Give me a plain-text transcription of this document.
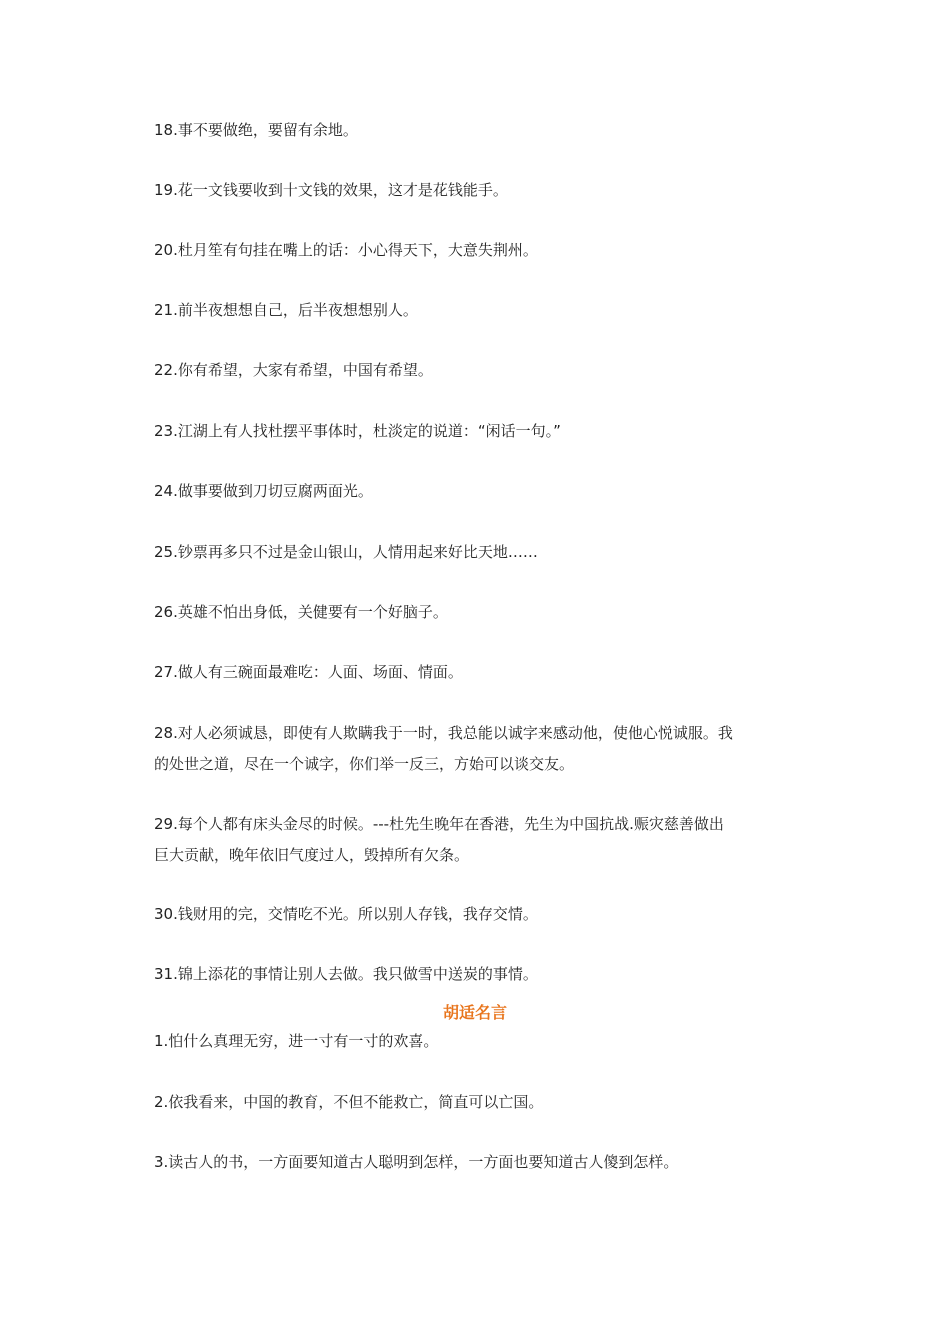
18.事不要做绝，要留有余地。
19.花一文钱要收到十文钱的效果，这才是花钱能手。
20.杜月笙有句挂在嘴上的话：小心得天下，大意失荆州。
21.前半夜想想自己，后半夜想想别人。
22.你有希望，大家有希望，中国有希望。
23.江湖上有人找杜摆平事体时，杜淡定的说道：“闲话一句。”
24.做事要做到刀切豆腐两面光。
25.钞票再多只不过是金山银山，人情用起来好比天地……
26.英雄不怕出身低，关健要有一个好脑子。
27.做人有三碗面最难吃：人面、场面、情面。
28.对人必须诚恳，即使有人欺瞒我于一时，我总能以诚字来感动他，使他心悦诚服。我
的处世之道，尽在一个诚字，你们举一反三，方始可以谈交友。
29.每个人都有床头金尽的时候。---杜先生晚年在香港，先生为中国抗战.赈灾慈善做出
巨大贡献，晚年依旧气度过人，毁掉所有欠条。
30.钱财用的完，交情吃不光。所以别人存钱，我存交情。
31.锦上添花的事情让别人去做。我只做雪中送炭的事情。
胡适名言
1.怕什么真理无穷，进一寸有一寸的欢喜。
2.依我看来，中国的教育，不但不能救亡，简直可以亡国。
3.读古人的书，一方面要知道古人聪明到怎样，一方面也要知道古人傻到怎样。
